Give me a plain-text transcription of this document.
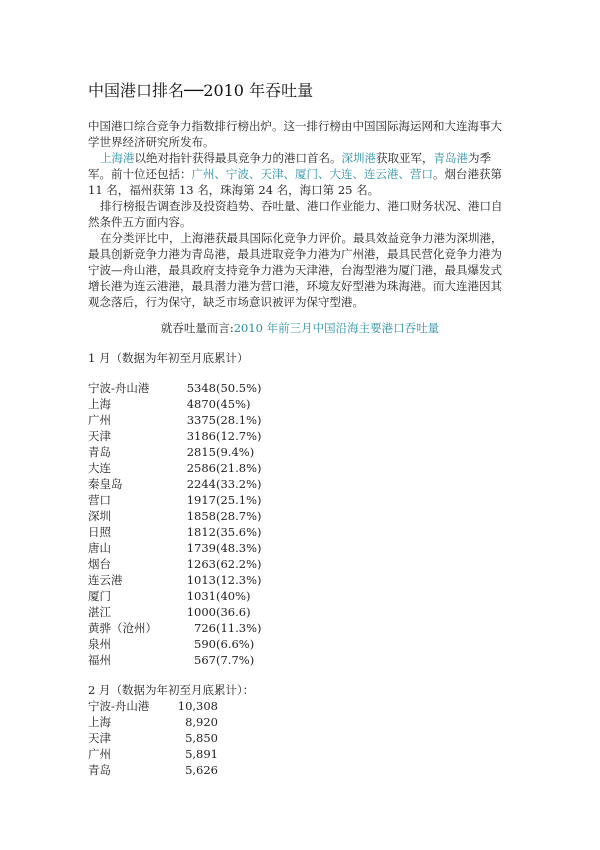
中国港口排名──2010 年吞吐量
中国港口综合竞争力指数排行榜出炉。这一排行榜由中国国际海运网和大连海事大学世界经济研究所发布。
上海港以绝对指针获得最具竞争力的港口首名。深圳港获取亚军，青岛港为季军。前十位还包括：广州、宁波、天津、厦门、大连、连云港、营口。烟台港获第 11 名，福州获第 13 名，珠海第 24 名，海口第 25 名。
排行榜报告调查涉及投资趋势、吞吐量、港口作业能力、港口财务状况、港口自然条件五方面内容。
在分类评比中，上海港获最具国际化竞争力评价。最具效益竞争力港为深圳港，最具创新竞争力港为青岛港，最具进取竞争力港为广州港，最具民营化竞争力港为宁波—舟山港，最具政府支持竞争力港为天津港，台海型港为厦门港，最具爆发式增长港为连云港港，最具潜力港为营口港，环境友好型港为珠海港。而大连港因其观念落后，行为保守，缺乏市场意识被评为保守型港。
就吞吐量而言:2010 年前三月中国沿海主要港口吞吐量
1 月（数据为年初至月底累计）
宁波-舟山港	5348 (50.5%)
上海	4870 (45%)
广州	3375 (28.1%)
天津	3186 (12.7%)
青岛	2815 (9.4%)
大连	2586 (21.8%)
秦皇岛	2244 (33.2%)
营口	1917 (25.1%)
深圳	1858 (28.7%)
日照	1812 (35.6%)
唐山	1739 (48.3%)
烟台	1263 (62.2%)
连云港	1013 (12.3%)
厦门	1031 (40%)
湛江	1000 (36.6)
黄骅（沧州）	726 (11.3%)
泉州	590 (6.6%)
福州	567 (7.7%)
2 月（数据为年初至月底累计）：
宁波-舟山港	10,308
上海	8,920
天津	5,850
广州	5,891
青岛	5,626
